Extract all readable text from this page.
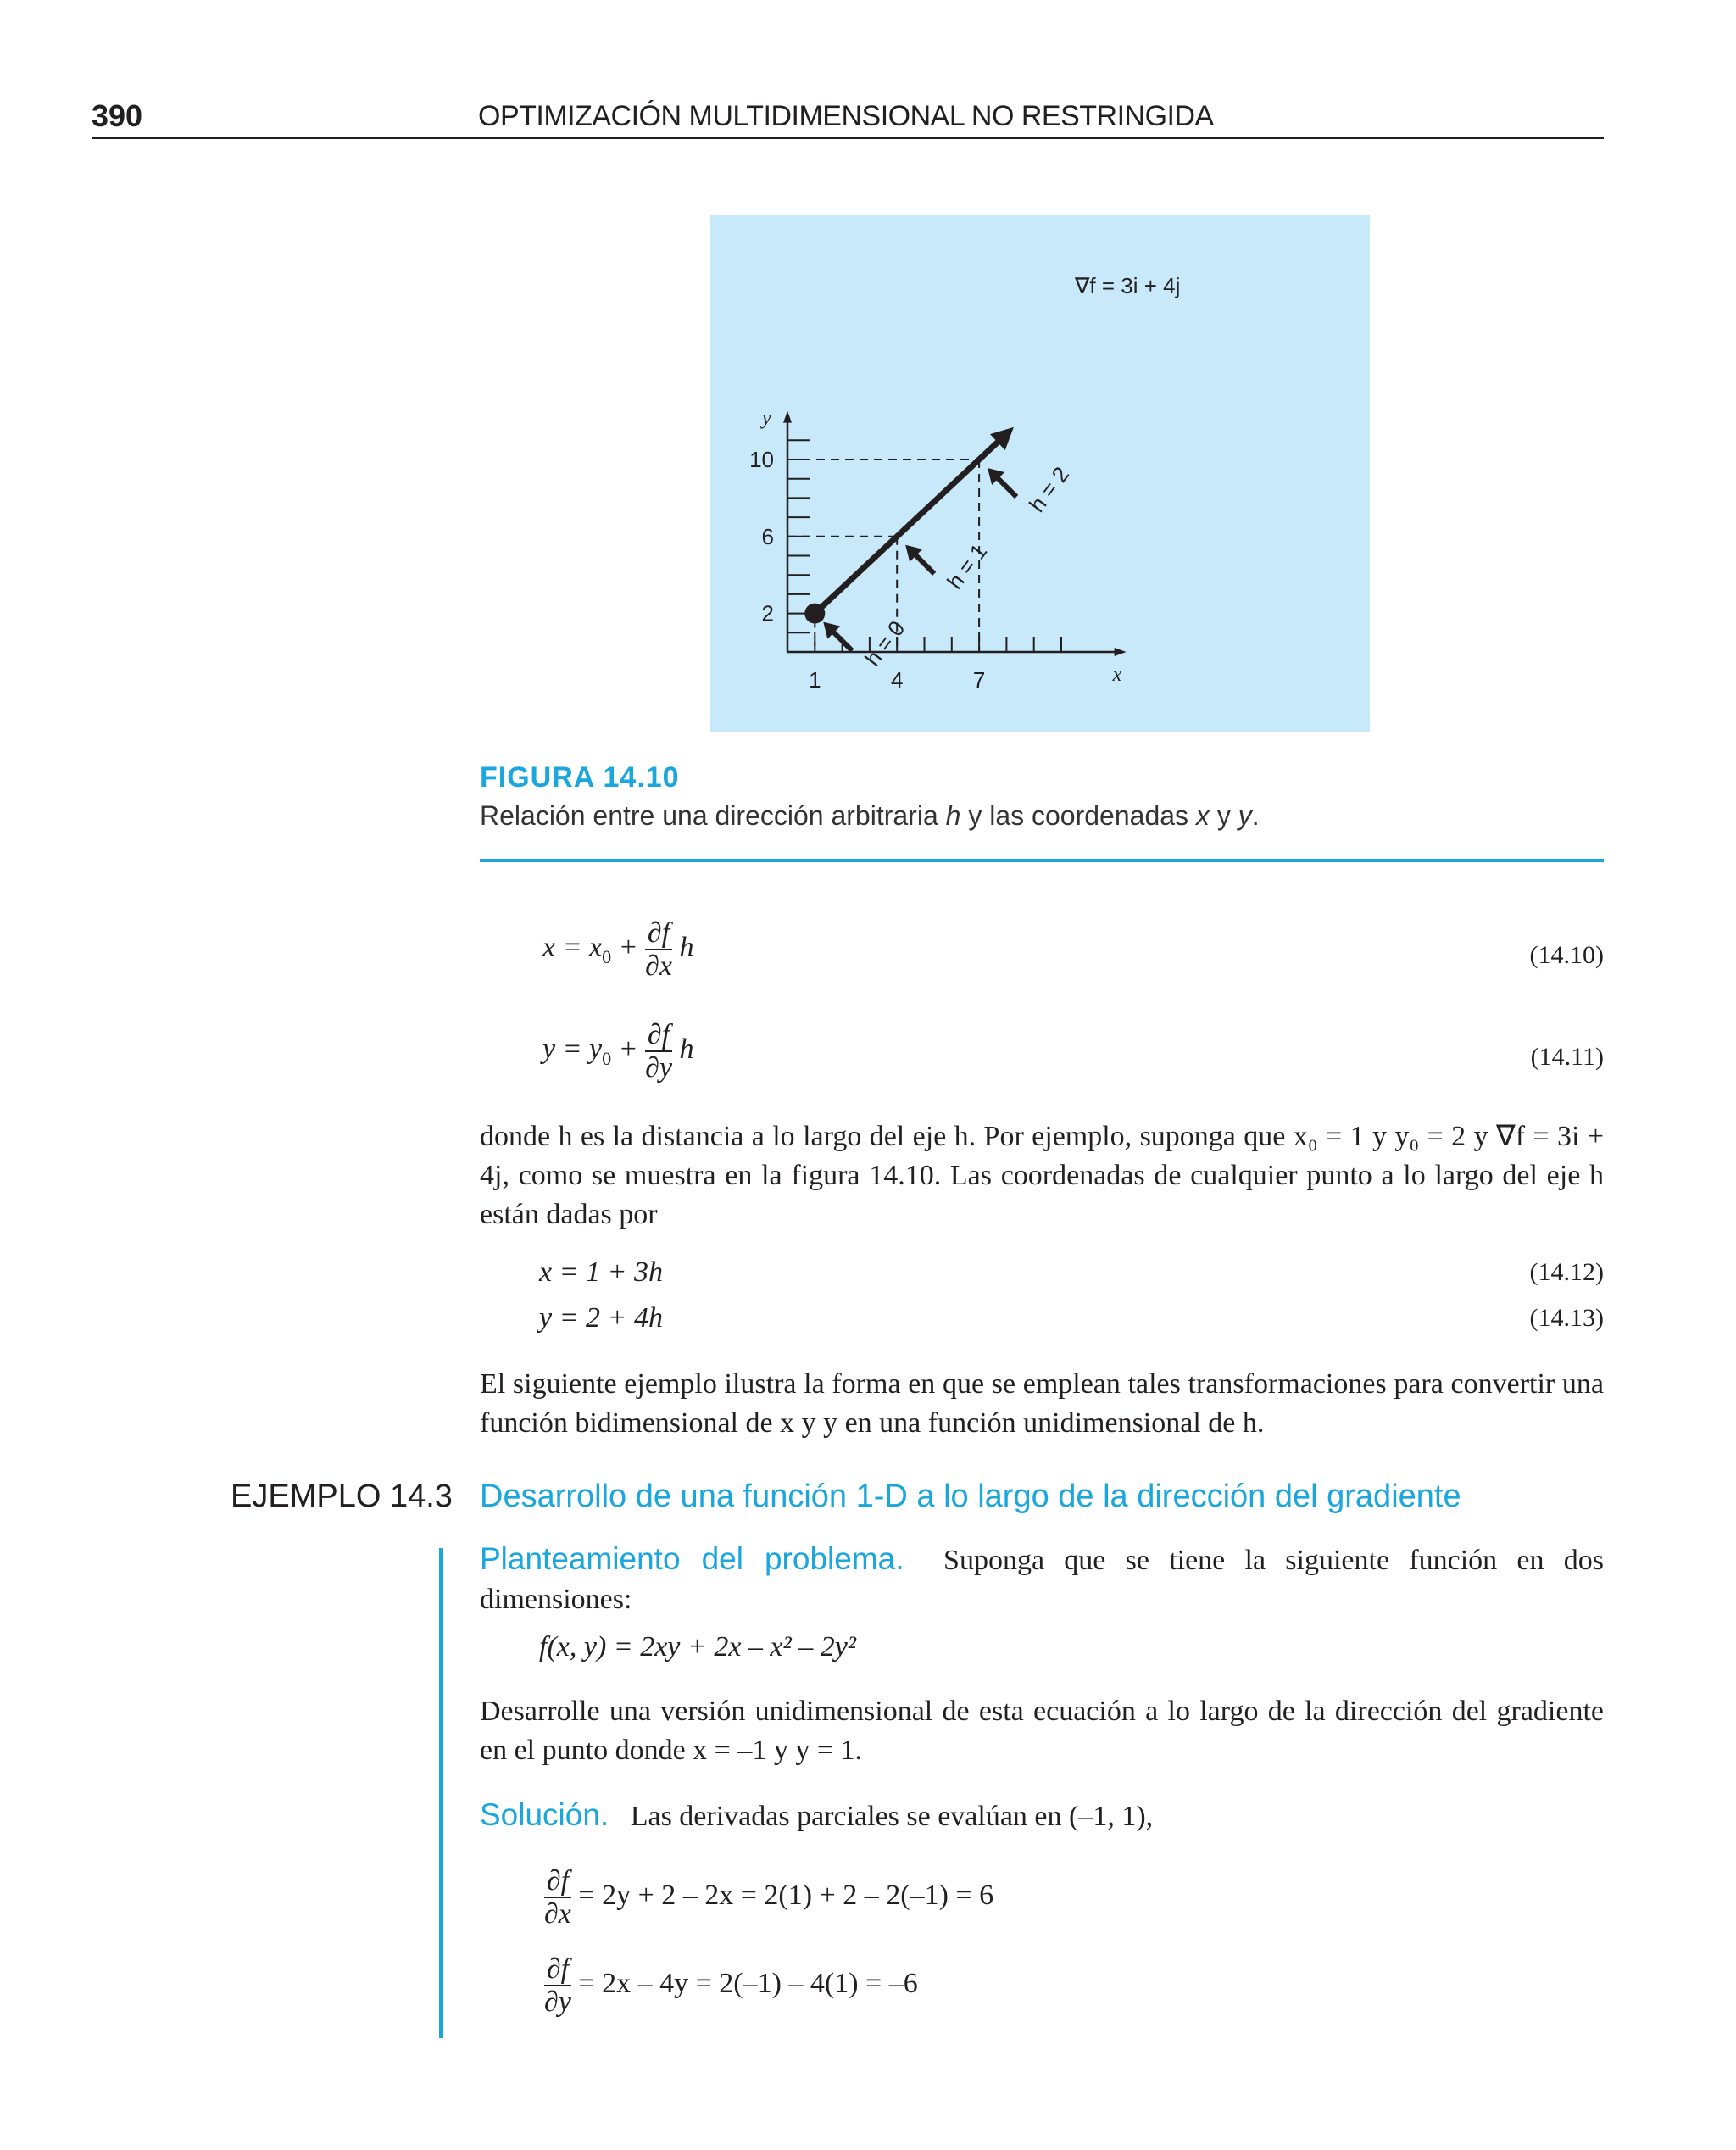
390	OPTIMIZACIÓN MULTIDIMENSIONAL NO RESTRINGIDA
x
y
1	4	7
2
6
10
h = 0
h = 1
h = 2
∇f = 3i + 4j
FIGURA 14.10
Relación entre una dirección arbitraria h y las coordenadas x y y.
$x = x_0 + \frac{\partial f}{\partial x}$ h	(14.10)
$y = y_0 + \frac{\partial f}{\partial y}$ h	(14.11)
donde h es la distancia a lo largo del eje h. Por ejemplo, suponga que x₀ = 1 y y₀ = 2 y ∇f = 3i + 4j, como se muestra en la figura 14.10. Las coordenadas de cualquier punto a lo largo del eje h están dadas por
x = 1 + 3h	(14.12)
y = 2 + 4h	(14.13)
El siguiente ejemplo ilustra la forma en que se emplean tales transformaciones para convertir una función bidimensional de x y y en una función unidimensional de h.
EJEMPLO 14.3 Desarrollo de una función 1-D a lo largo de la dirección del gradiente
Planteamiento del problema. Suponga que se tiene la siguiente función en dos dimensiones:
f(x, y) = 2xy + 2x – x² – 2y²
Desarrolle una versión unidimensional de esta ecuación a lo largo de la dirección del gradiente en el punto donde x = –1 y y = 1.
Solución. Las derivadas parciales se evalúan en (–1, 1),
$\frac{\partial f}{\partial x} = 2y + 2 - 2x = 2(1) + 2 - 2(-1) = 6$
$\frac{\partial f}{\partial y} = 2x - 4y = 2(-1) - 4(1) = -6$
